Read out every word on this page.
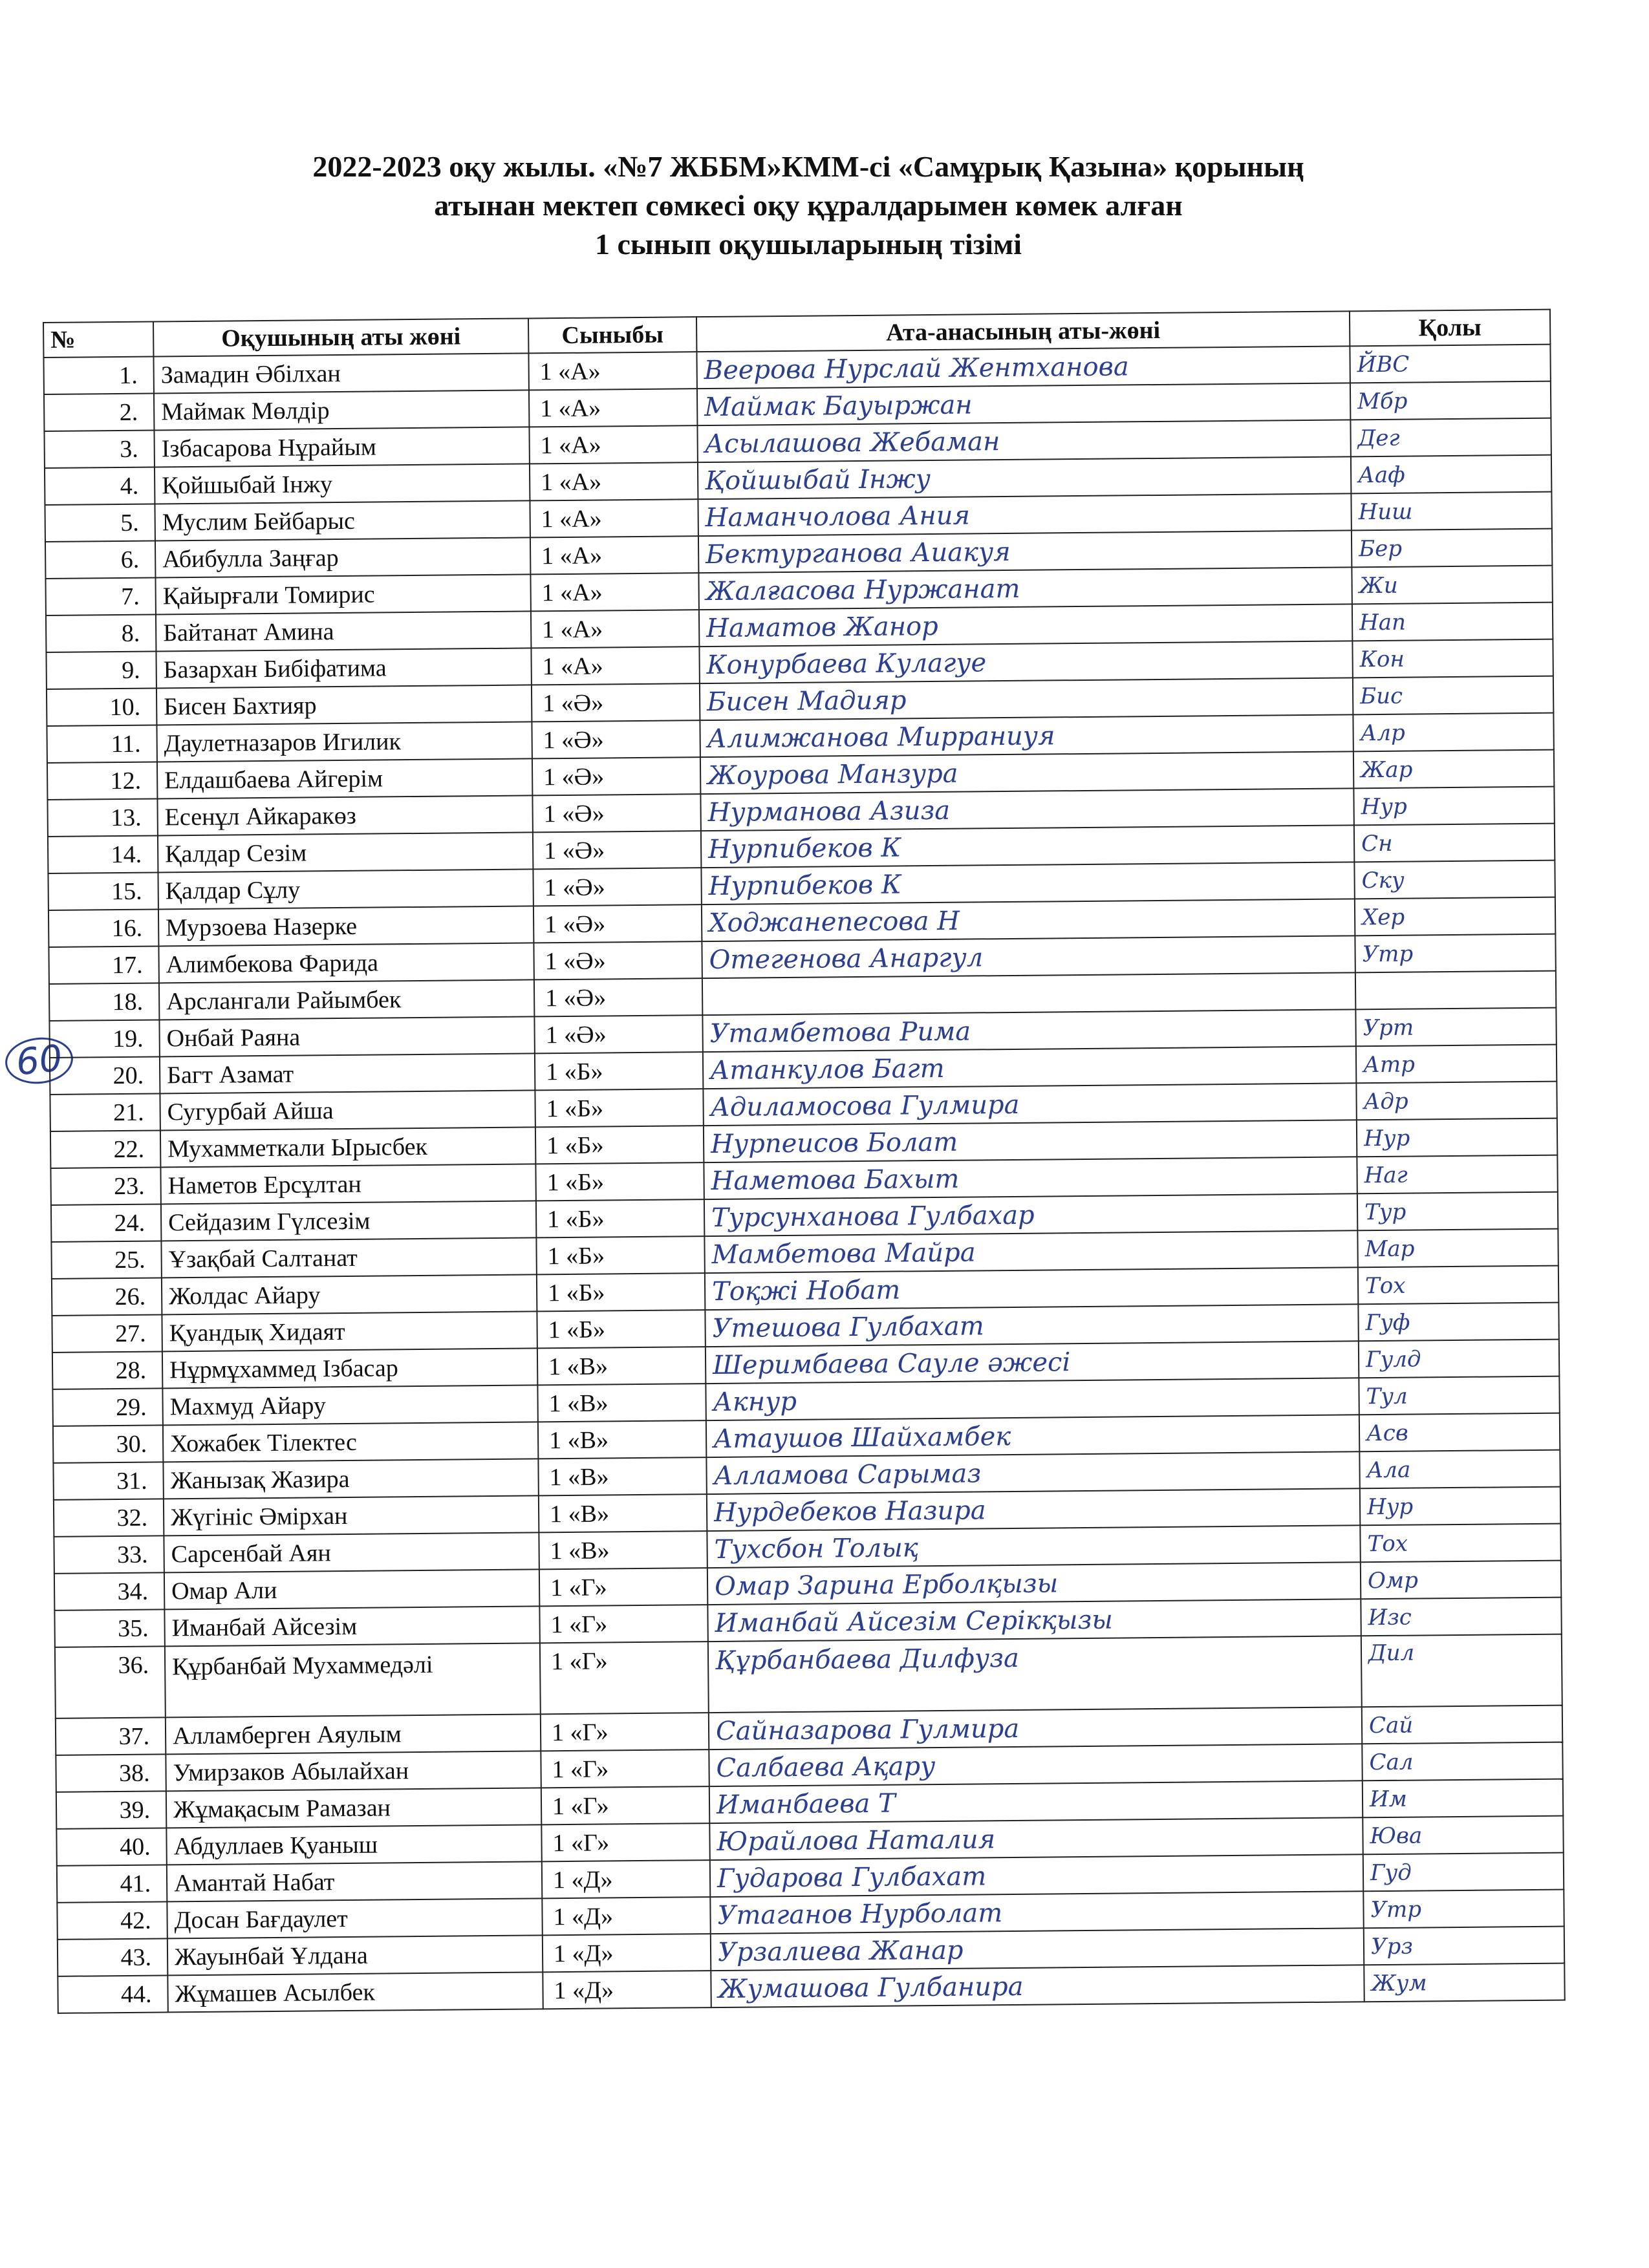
2022-2023 оқу жылы. «№7 ЖББМ»КММ-сі «Самұрық Қазына» қорының
атынан мектеп сөмкесі оқу құралдарымен көмек алған
1 сынып оқушыларының тізімі
60
№	Оқушының аты жөні	Сыныбы	Ата-анасының аты-жөні	Қолы
1.	Замадин Әбілхан	1 «А»	Веерова Нурслай Жентханова	ЙВС
2.	Маймак Мөлдір	1 «А»	Маймак Бауыржан	Мбр
3.	Ізбасарова Нұрайым	1 «А»	Асылашова Жебаман	Дег
4.	Қойшыбай Інжу	1 «А»	Қойшыбай Інжу	Ааф
5.	Муслим Бейбарыс	1 «А»	Наманчолова Ания	Ниш
6.	Абибулла Заңғар	1 «А»	Бектурганова Аиакуя	Бер
7.	Қайырғали Томирис	1 «А»	Жалғасова Нуржанат	Жи
8.	Байтанат Амина	1 «А»	Наматов Жанор	Нап
9.	Базархан Бибіфатима	1 «А»	Конурбаева Кулагуе	Кон
10.	Бисен Бахтияр	1 «Ә»	Бисен Мадияр	Бис
11.	Даулетназаров Игилик	1 «Ә»	Алимжанова Мирраниуя	Алр
12.	Елдашбаева Айгерім	1 «Ә»	Жоурова Манзура	Жар
13.	Есенұл Айкаракөз	1 «Ә»	Нурманова Азиза	Нур
14.	Қалдар Сезім	1 «Ә»	Нурпибеков К	Сн
15.	Қалдар Сұлу	1 «Ә»	Нурпибеков К	Ску
16.	Мурзоева Назерке	1 «Ә»	Ходжанепесова Н	Хер
17.	Алимбекова Фарида	1 «Ә»	Отегенова Анаргул	Утр
18.	Арслангали Райымбек	1 «Ә»		
19.	Онбай Раяна	1 «Ә»	Утамбетова Рима	Урт
20.	Багт Азамат	1 «Б»	Атанкулов Багт	Атр
21.	Сугурбай Айша	1 «Б»	Адиламосова Гулмира	Адр
22.	Мухамметкали Ырысбек	1 «Б»	Нурпеисов Болат	Нур
23.	Наметов Ерсұлтан	1 «Б»	Наметова Бахыт	Наг
24.	Сейдазим Гүлсезім	1 «Б»	Турсунханова Гулбахар	Тур
25.	Ұзақбай Салтанат	1 «Б»	Мамбетова Майра	Мар
26.	Жолдас Айару	1 «Б»	Тоқжі Нобат	Тох
27.	Қуандық Хидаят	1 «Б»	Утешова Гулбахат	Гуф
28.	Нұрмұхаммед Ізбасар	1 «В»	Шеримбаева Сауле әжесі	Гулд
29.	Махмуд Айару	1 «В»	Акнур	Тул
30.	Хожабек Тілектес	1 «В»	Атаушов Шайхамбек	Асв
31.	Жанызақ Жазира	1 «В»	Алламова Сарымаз	Ала
32.	Жүгініс Әмірхан	1 «В»	Нурдебеков Назира	Нур
33.	Сарсенбай Аян	1 «В»	Тухсбон Толық	Тох
34.	Омар Али	1 «Г»	Омар Зарина Ерболқызы	Омр
35.	Иманбай Айсезім	1 «Г»	Иманбай Айсезім Серікқызы	Изс
36.	Құрбанбай Мухаммедәлі	1 «Г»	Құрбанбаева Дилфуза	Дил
37.	Алламберген Аяулым	1 «Г»	Сайназарова Гулмира	Сай
38.	Умирзаков Абылайхан	1 «Г»	Салбаева Ақару	Сал
39.	Жұмақасым Рамазан	1 «Г»	Иманбаева Т	Им
40.	Абдуллаев Қуаныш	1 «Г»	Юрайлова Наталия	Юва
41.	Амантай Набат	1 «Д»	Гударова Гулбахат	Гуд
42.	Досан Бағдаулет	1 «Д»	Утаганов Нурболат	Утр
43.	Жауынбай Ұлдана	1 «Д»	Урзалиева Жанар	Урз
44.	Жұмашев Асылбек	1 «Д»	Жумашова Гулбанира	Жум
